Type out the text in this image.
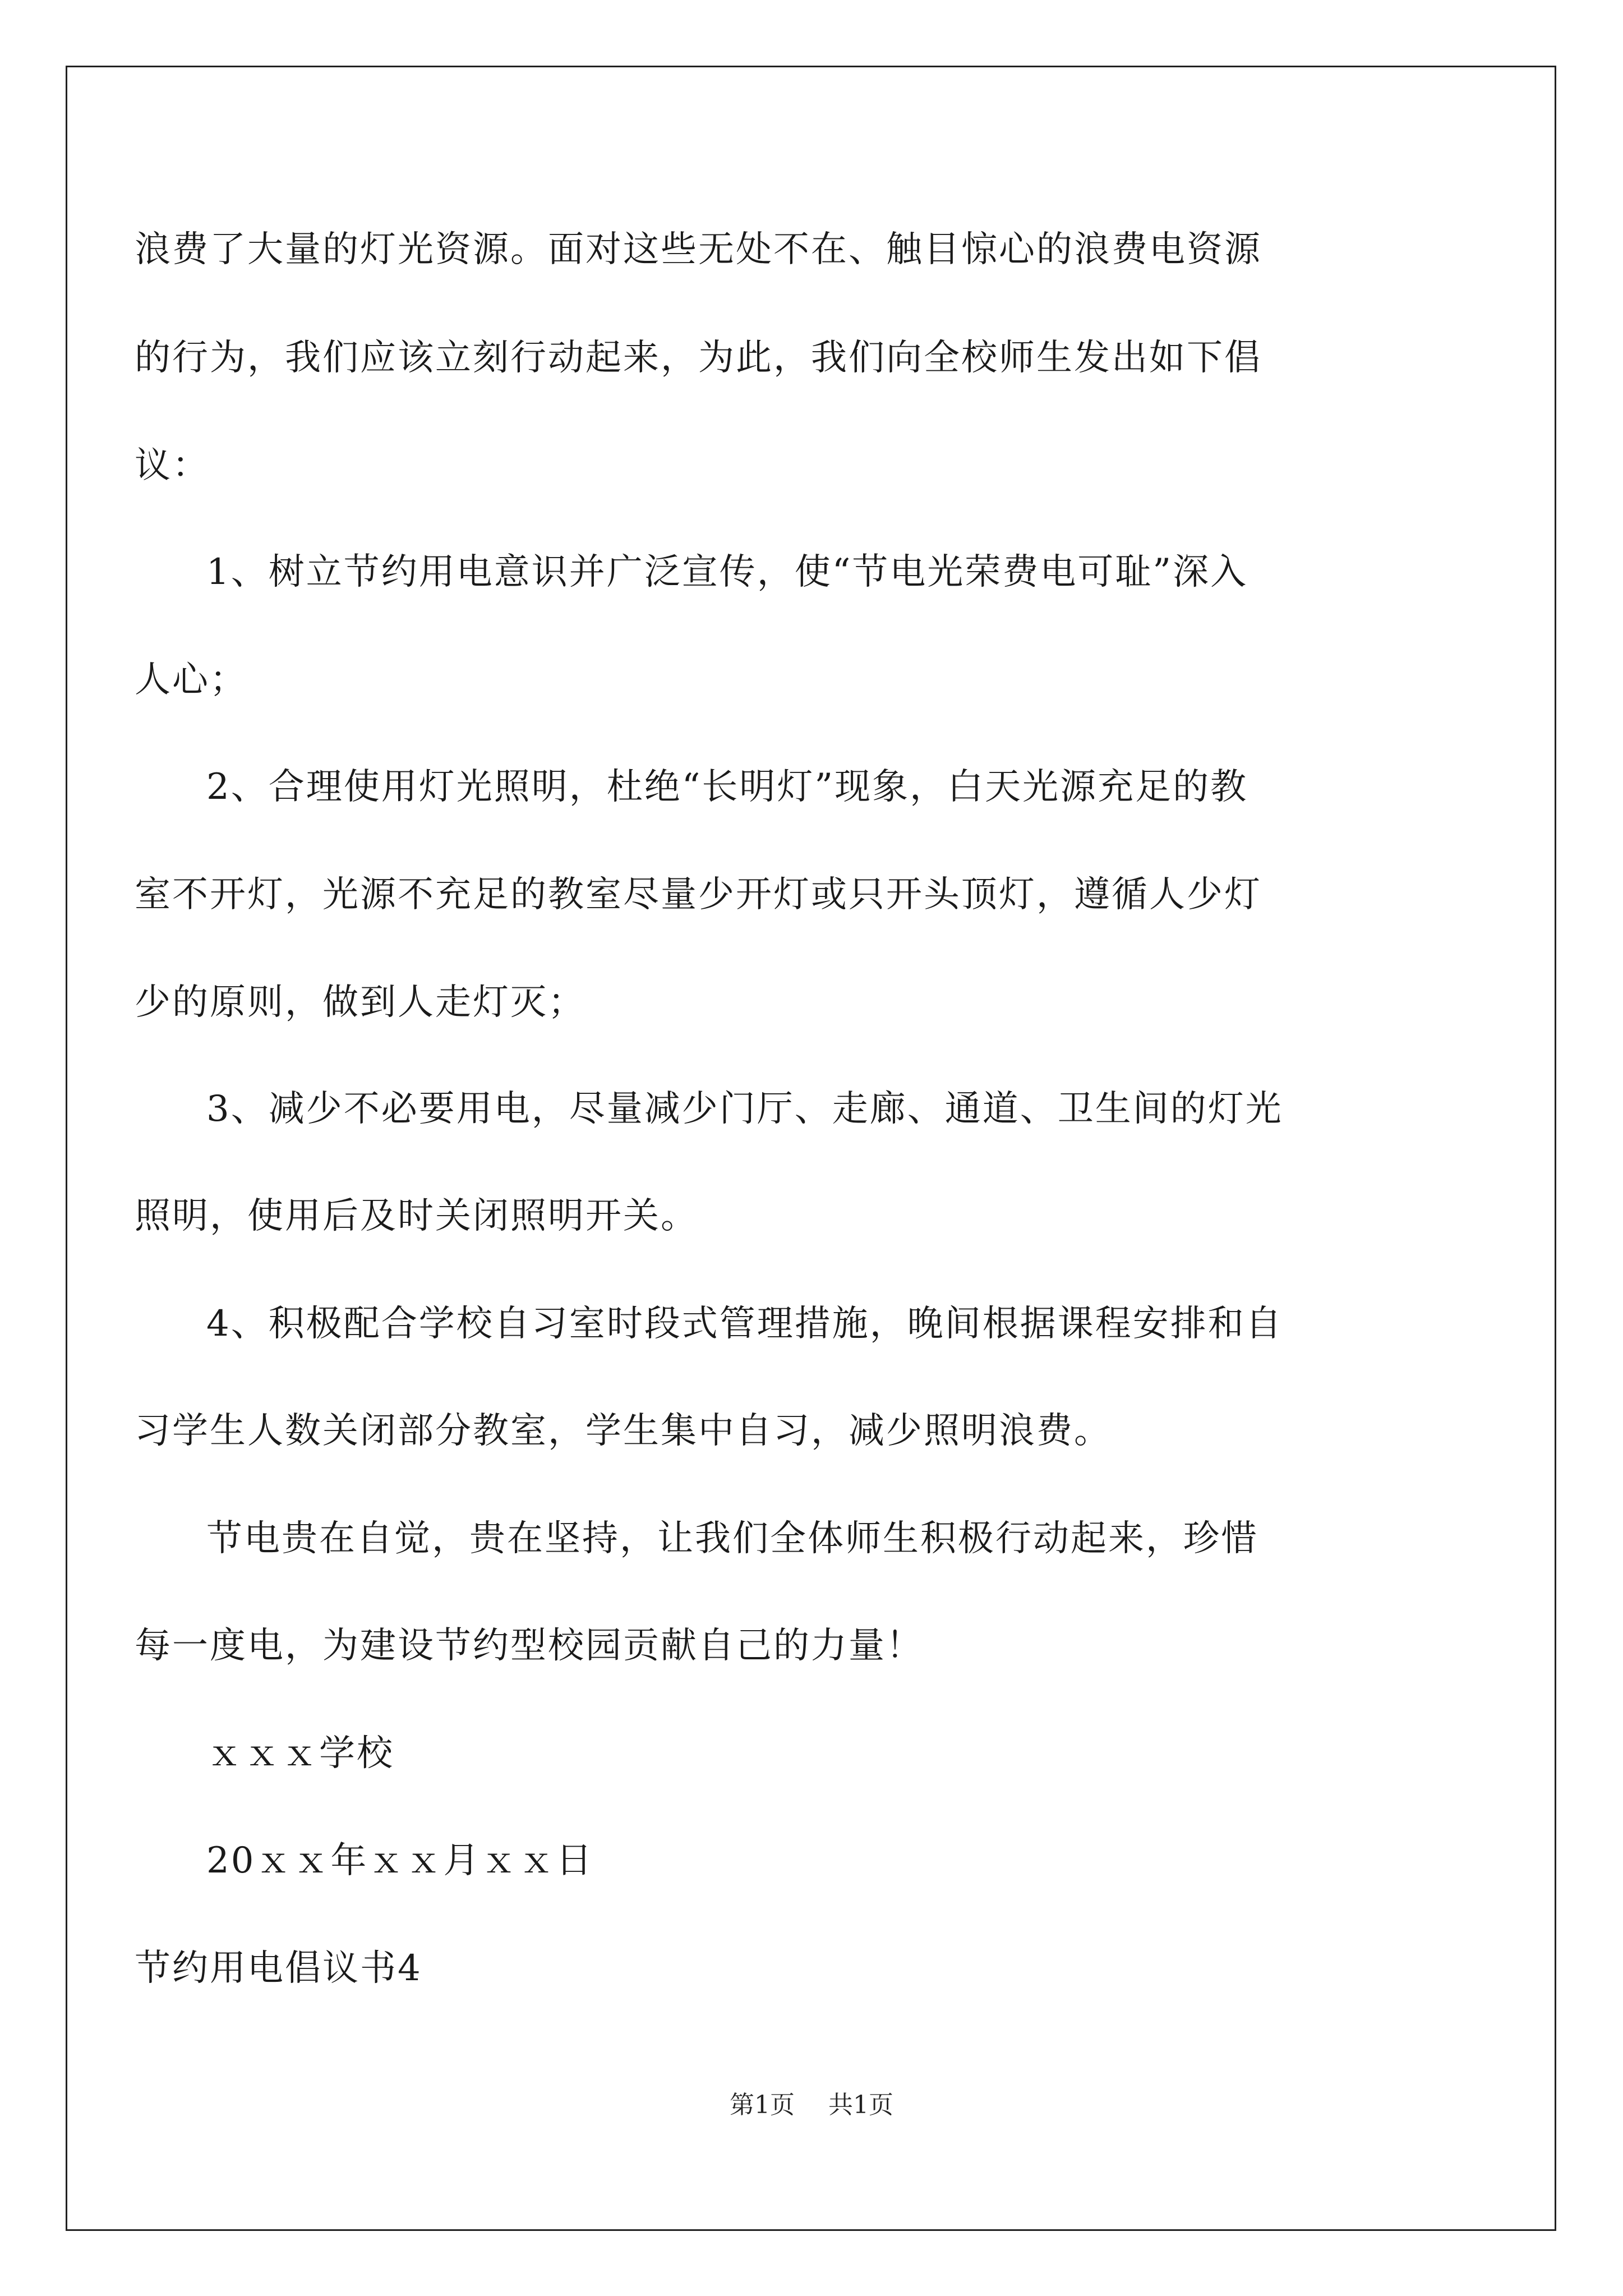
浪费了大量的灯光资源。面对这些无处不在、触目惊心的浪费电资源
的行为，我们应该立刻行动起来，为此，我们向全校师生发出如下倡
议：
1、树立节约用电意识并广泛宣传，使“节电光荣费电可耻”深入
人心；
2、合理使用灯光照明，杜绝“长明灯”现象，白天光源充足的教
室不开灯，光源不充足的教室尽量少开灯或只开头顶灯，遵循人少灯
少的原则，做到人走灯灭；
3、减少不必要用电，尽量减少门厅、走廊、通道、卫生间的灯光
照明，使用后及时关闭照明开关。
4、积极配合学校自习室时段式管理措施，晚间根据课程安排和自
习学生人数关闭部分教室，学生集中自习，减少照明浪费。
节电贵在自觉，贵在坚持，让我们全体师生积极行动起来，珍惜
每一度电，为建设节约型校园贡献自己的力量！
ｘｘｘ学校
20ｘｘ年ｘｘ月ｘｘ日
节约用电倡议书4
第1页 共1页
